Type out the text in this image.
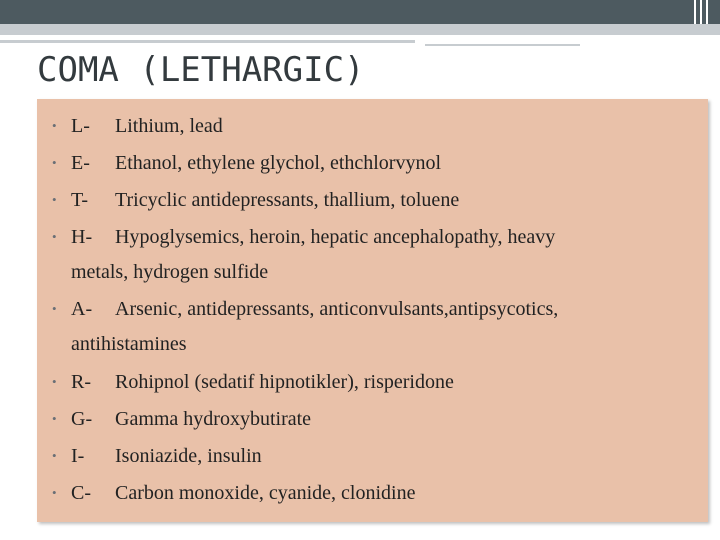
COMA (LETHARGIC)
• L- Lithium, lead
• E- Ethanol, ethylene glychol, ethchlorvynol
• T- Tricyclic antidepressants, thallium, toluene
• H- Hypoglysemics, heroin, hepatic ancephalopathy, heavy
metals, hydrogen sulfide
• A- Arsenic, antidepressants, anticonvulsants,antipsycotics,
antihistamines
• R- Rohipnol (sedatif hipnotikler), risperidone
• G- Gamma hydroxybutirate
• I- Isoniazide, insulin
• C- Carbon monoxide, cyanide, clonidine
